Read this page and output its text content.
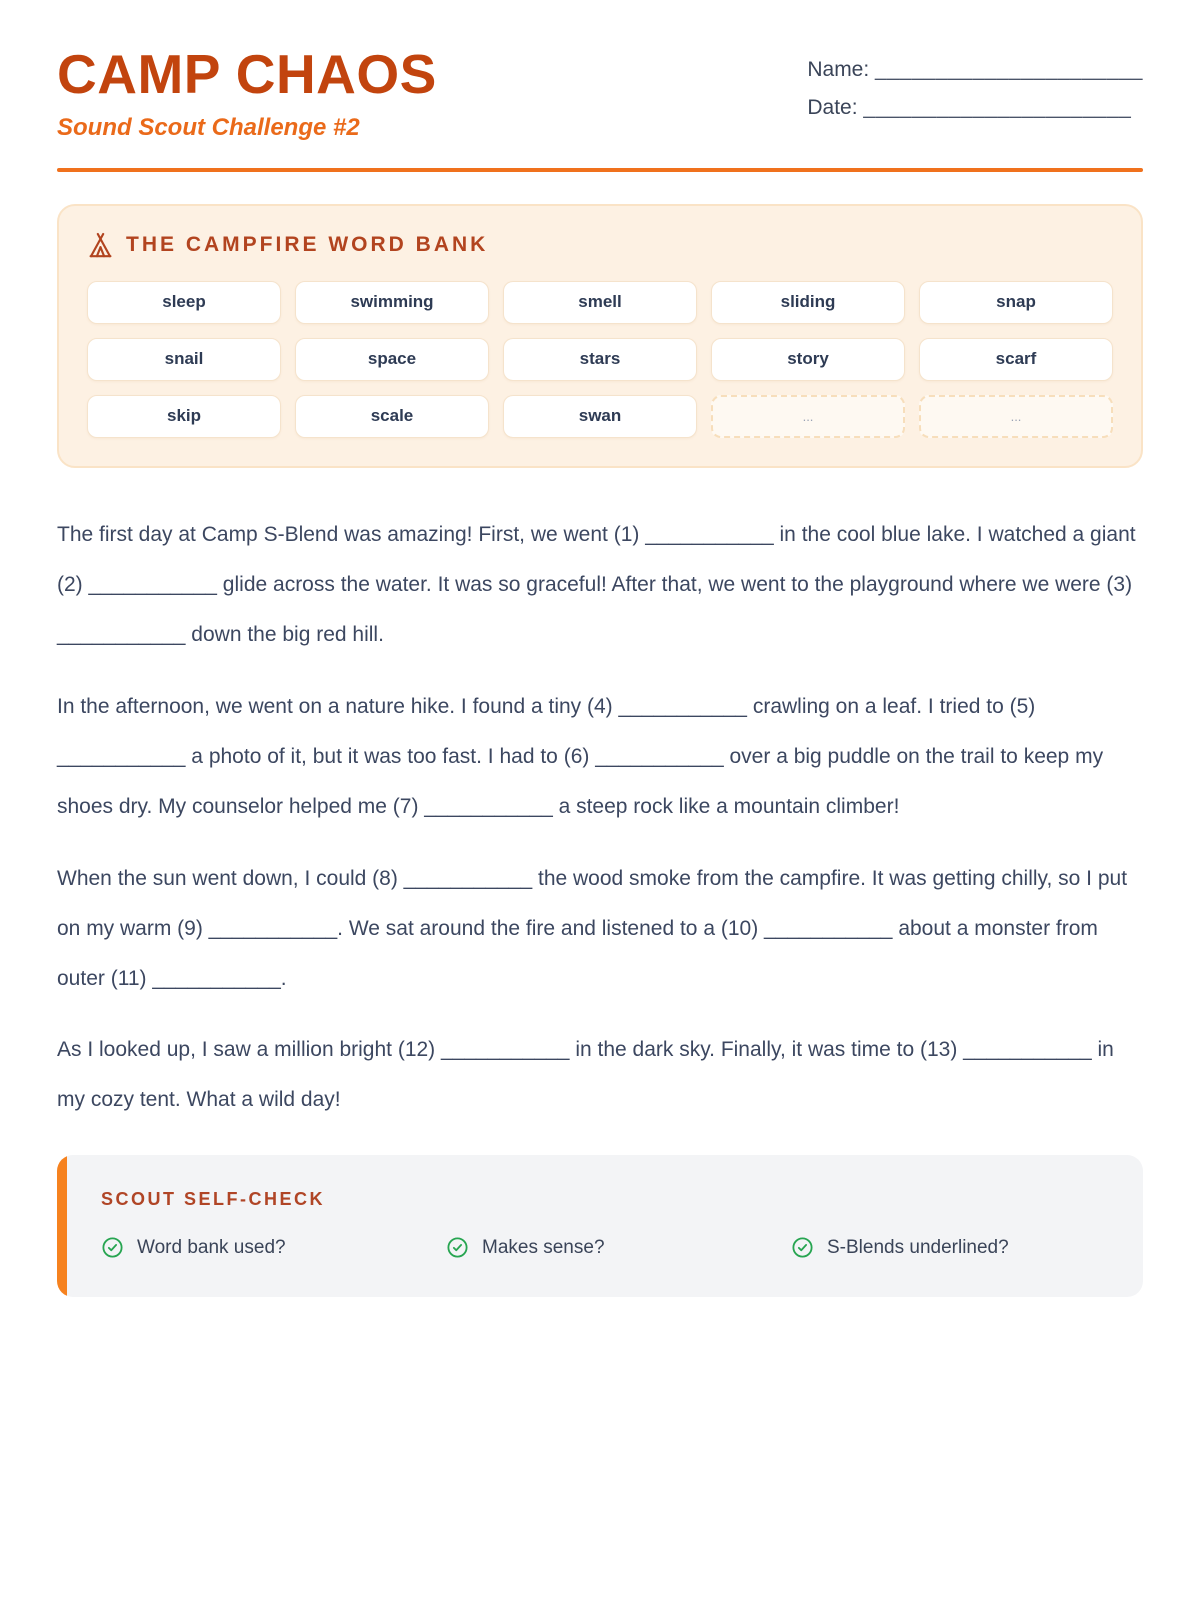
CAMP CHAOS
Sound Scout Challenge #2
Name: ______________________
Date: ______________________
THE CAMPFIRE WORD BANK
sleep	swimming	smell	sliding	snap
snail	space	stars	story	scarf
skip	scale	swan	...	...

The first day at Camp S-Blend was amazing! First, we went (1) ___________ in the cool blue lake. I watched a giant (2) ___________ glide across the water. It was so graceful! After that, we went to the playground where we were (3) ___________ down the big red hill.

In the afternoon, we went on a nature hike. I found a tiny (4) ___________ crawling on a leaf. I tried to (5) ___________ a photo of it, but it was too fast. I had to (6) ___________ over a big puddle on the trail to keep my shoes dry. My counselor helped me (7) ___________ a steep rock like a mountain climber!

When the sun went down, I could (8) ___________ the wood smoke from the campfire. It was getting chilly, so I put on my warm (9) ___________. We sat around the fire and listened to a (10) ___________ about a monster from outer (11) ___________.

As I looked up, I saw a million bright (12) ___________ in the dark sky. Finally, it was time to (13) ___________ in my cozy tent. What a wild day!

SCOUT SELF-CHECK
Word bank used?	Makes sense?	S-Blends underlined?
